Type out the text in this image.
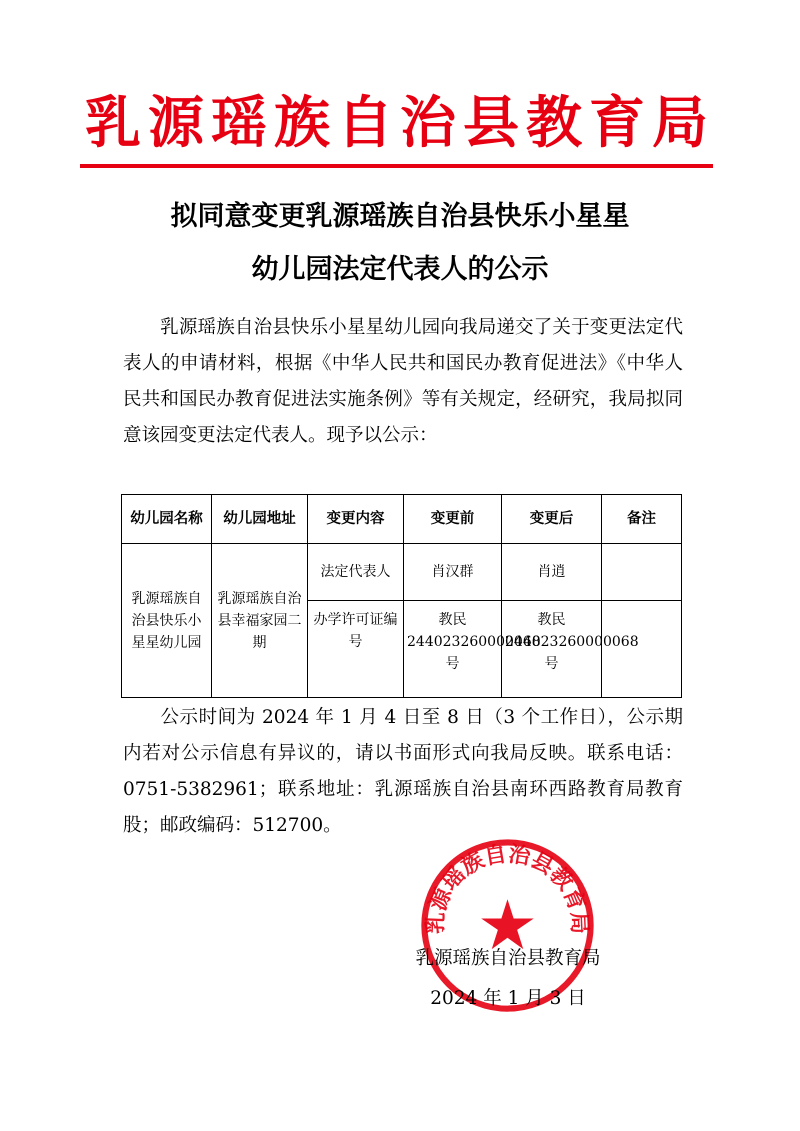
乳源瑶族自治县教育局
拟同意变更乳源瑶族自治县快乐小星星
幼儿园法定代表人的公示
乳源瑶族自治县快乐小星星幼儿园向我局递交了关于变更法定代表人的申请材料，根据《中华人民共和国民办教育促进法》《中华人民共和国民办教育促进法实施条例》等有关规定，经研究，我局拟同意该园变更法定代表人。现予以公示：
幼儿园名称	幼儿园地址	变更内容	变更前	变更后	备注
乳源瑶族自治县快乐小星星幼儿园	乳源瑶族自治县幸福家园二期	法定代表人	肖汉群	肖逍	
		办学许可证编号	教民 244023260000068 号	教民 244023260000068 号	
公示时间为 2024 年 1 月 4 日至 8 日（3 个工作日），公示期内若对公示信息有异议的，请以书面形式向我局反映。联系电话：0751-5382961；联系地址：乳源瑶族自治县南环西路教育局教育股；邮政编码：512700。
乳源瑶族自治县教育局
乳源瑶族自治县教育局
2024 年 1 月 3 日
